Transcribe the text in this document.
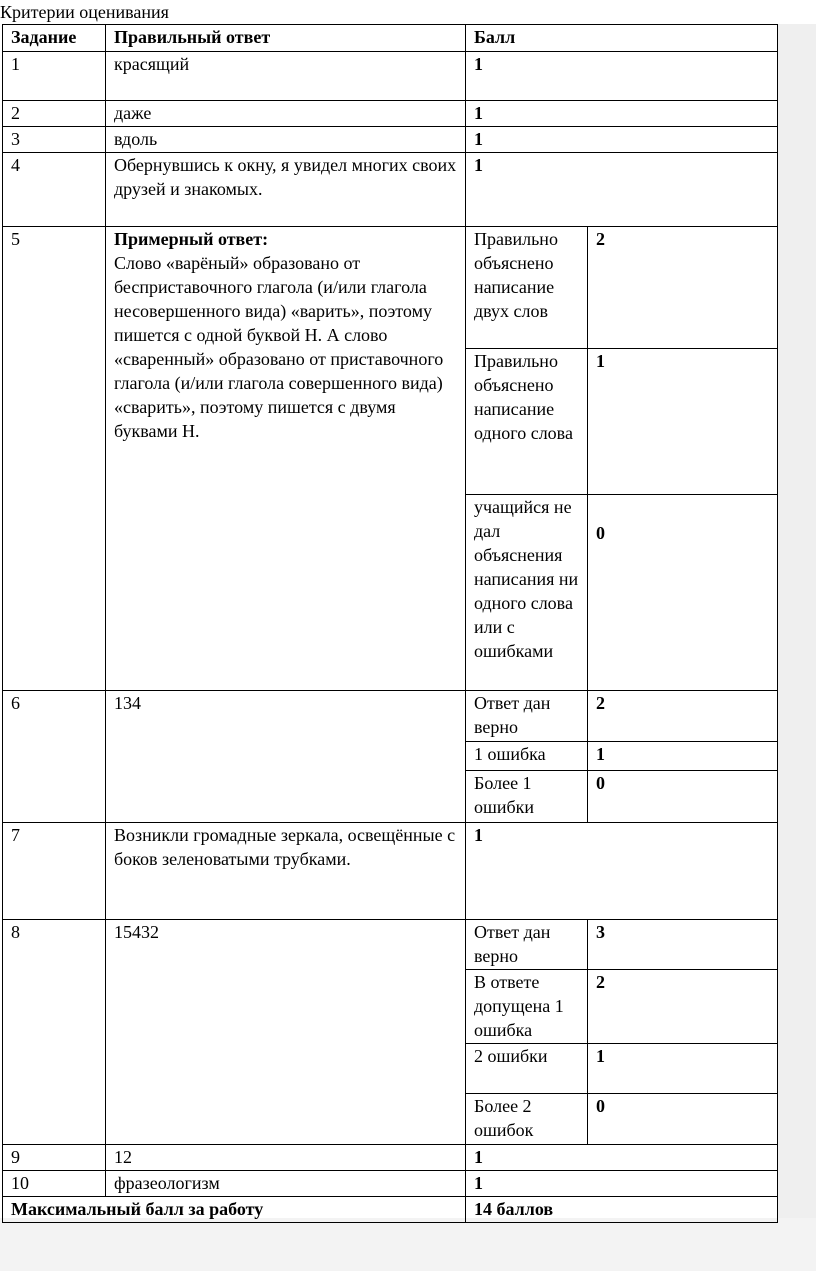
Критерии оценивания
Задание	Правильный ответ	Балл	
1	красящий	1	
2	даже	1	
3	вдоль	1	
4	Обернувшись к окну, я увидел многих своих друзей и знакомых.	1	
5	Примерный ответ:
Слово «варёный» образовано от бесприставочного глагола (и/или глагола несовершенного вида) «варить», поэтому пишется с одной буквой Н. А слово «сваренный» образовано от приставочного глагола (и/или глагола совершенного вида) «сварить», поэтому пишется с двумя буквами Н.	Правильно объяснено написание двух слов	2
		Правильно объяснено написание одного слова	1
		учащийся не дал объяснения написания ни одного слова или с ошибками	0
6	134	Ответ дан верно	2
		1 ошибка	1
		Более 1 ошибки	0
7	Возникли громадные зеркала, освещённые с боков зеленоватыми трубками.	1	
8	15432	Ответ дан верно	3
		В ответе допущена 1 ошибка	2
		2 ошибки	1
		Более 2 ошибок	0
9	12	1	
10	фразеологизм	1	
Максимальный балл за работу		14 баллов	
